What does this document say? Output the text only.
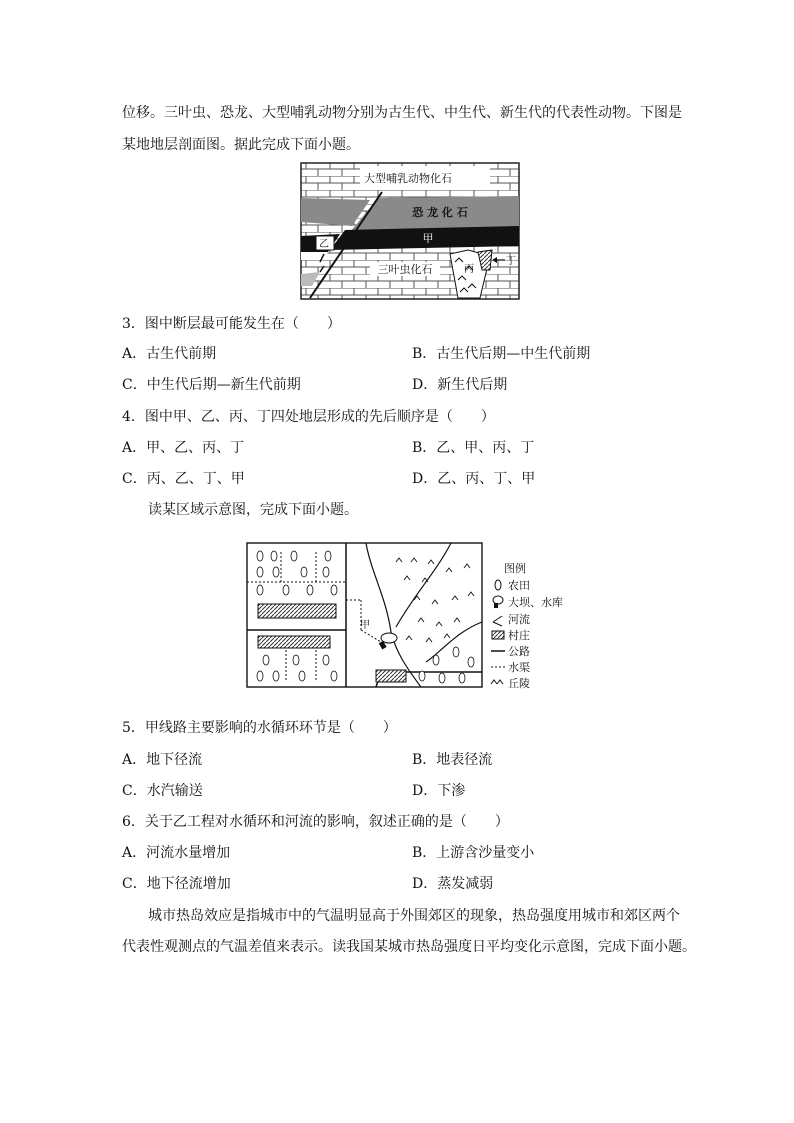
位移。三叶虫、恐龙、大型哺乳动物分别为古生代、中生代、新生代的代表性动物。下图是
某地地层剖面图。据此完成下面小题。
大型哺乳动物化石
恐 龙 化 石
甲
乙
三叶虫化石	丙
丁
3．图中断层最可能发生在（　　）
A．古生代前期	B．古生代后期—中生代前期
C．中生代后期—新生代前期	D．新生代后期
4．图中甲、乙、丙、丁四处地层形成的先后顺序是（　　）
A．甲、乙、丙、丁	B．乙、甲、丙、丁
C．丙、乙、丁、甲	D．乙、丙、丁、甲
读某区域示意图，完成下面小题。
甲
图例
农田
大坝、水库
河流
村庄
公路
水渠
丘陵
5．甲线路主要影响的水循环环节是（　　）
A．地下径流	B．地表径流
C．水汽输送	D．下渗
6．关于乙工程对水循环和河流的影响，叙述正确的是（　　）
A．河流水量增加	B．上游含沙量变小
C．地下径流增加	D．蒸发减弱
城市热岛效应是指城市中的气温明显高于外围郊区的现象，热岛强度用城市和郊区两个
代表性观测点的气温差值来表示。读我国某城市热岛强度日平均变化示意图，完成下面小题。
